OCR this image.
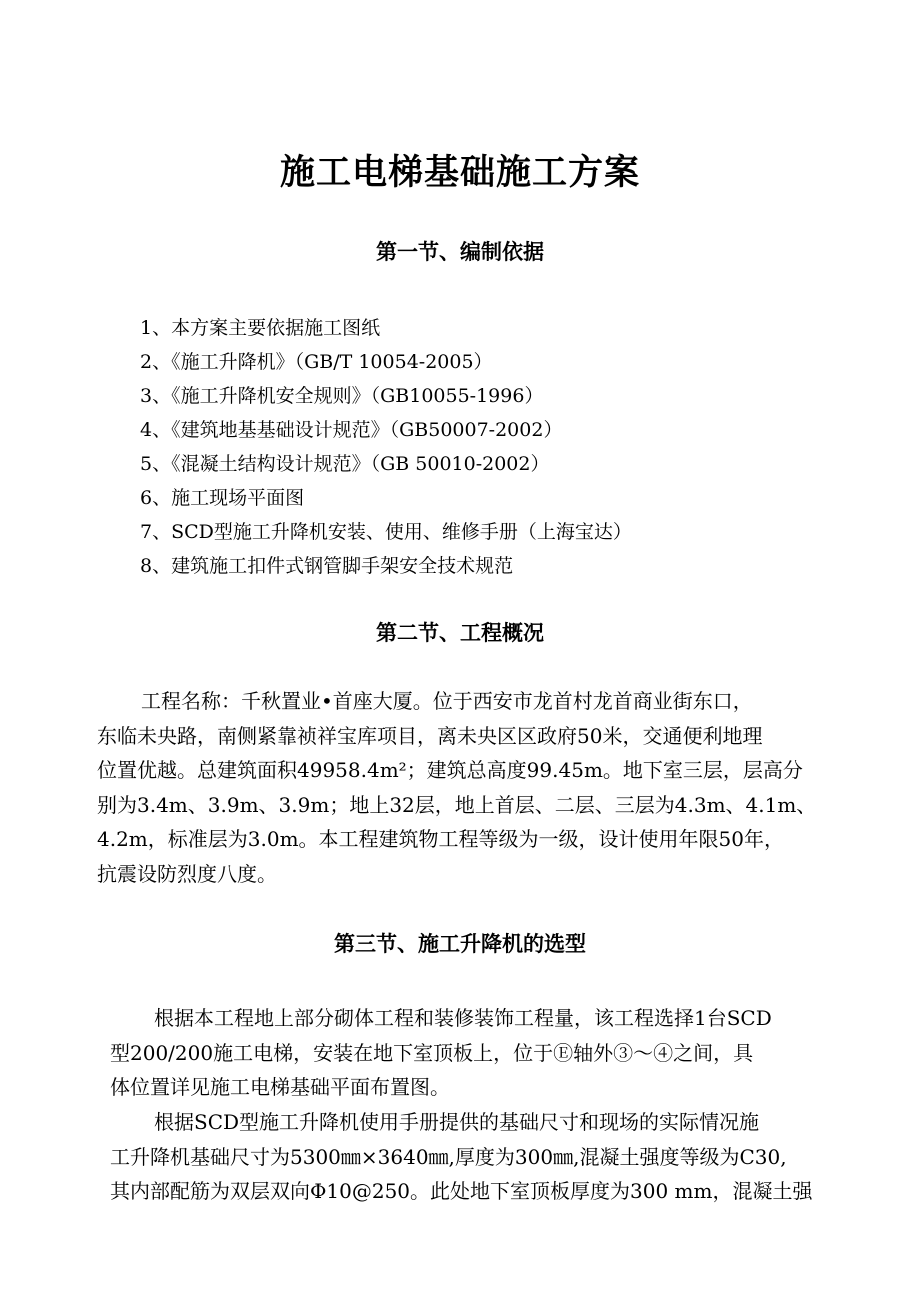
施工电梯基础施工方案
第一节、编制依据
1、本方案主要依据施工图纸
2、《施工升降机》（GB/T 10054-2005）
3、《施工升降机安全规则》（GB10055-1996）
4、《建筑地基基础设计规范》（GB50007-2002）
5、《混凝土结构设计规范》（GB 50010-2002）
6、施工现场平面图
7、SCD型施工升降机安装、使用、维修手册（上海宝达）
8、建筑施工扣件式钢管脚手架安全技术规范
第二节、工程概况
工程名称：千秋置业•首座大厦。位于西安市龙首村龙首商业街东口，
东临未央路，南侧紧靠祯祥宝库项目，离未央区区政府50米，交通便利地理
位置优越。总建筑面积49958.4m²；建筑总高度99.45m。地下室三层，层高分
别为3.4m、3.9m、3.9m；地上32层，地上首层、二层、三层为4.3m、4.1m、
4.2m，标准层为3.0m。本工程建筑物工程等级为一级，设计使用年限50年，
抗震设防烈度八度。
第三节、施工升降机的选型
根据本工程地上部分砌体工程和装修装饰工程量，该工程选择1台SCD
型200/200施工电梯，安装在地下室顶板上，位于Ⓔ轴外③～④之间，具
体位置详见施工电梯基础平面布置图。
根据SCD型施工升降机使用手册提供的基础尺寸和现场的实际情况施
工升降机基础尺寸为5300㎜×3640㎜,厚度为300㎜,混凝土强度等级为C30,
其内部配筋为双层双向Φ10@250。此处地下室顶板厚度为300 mm，混凝土强
